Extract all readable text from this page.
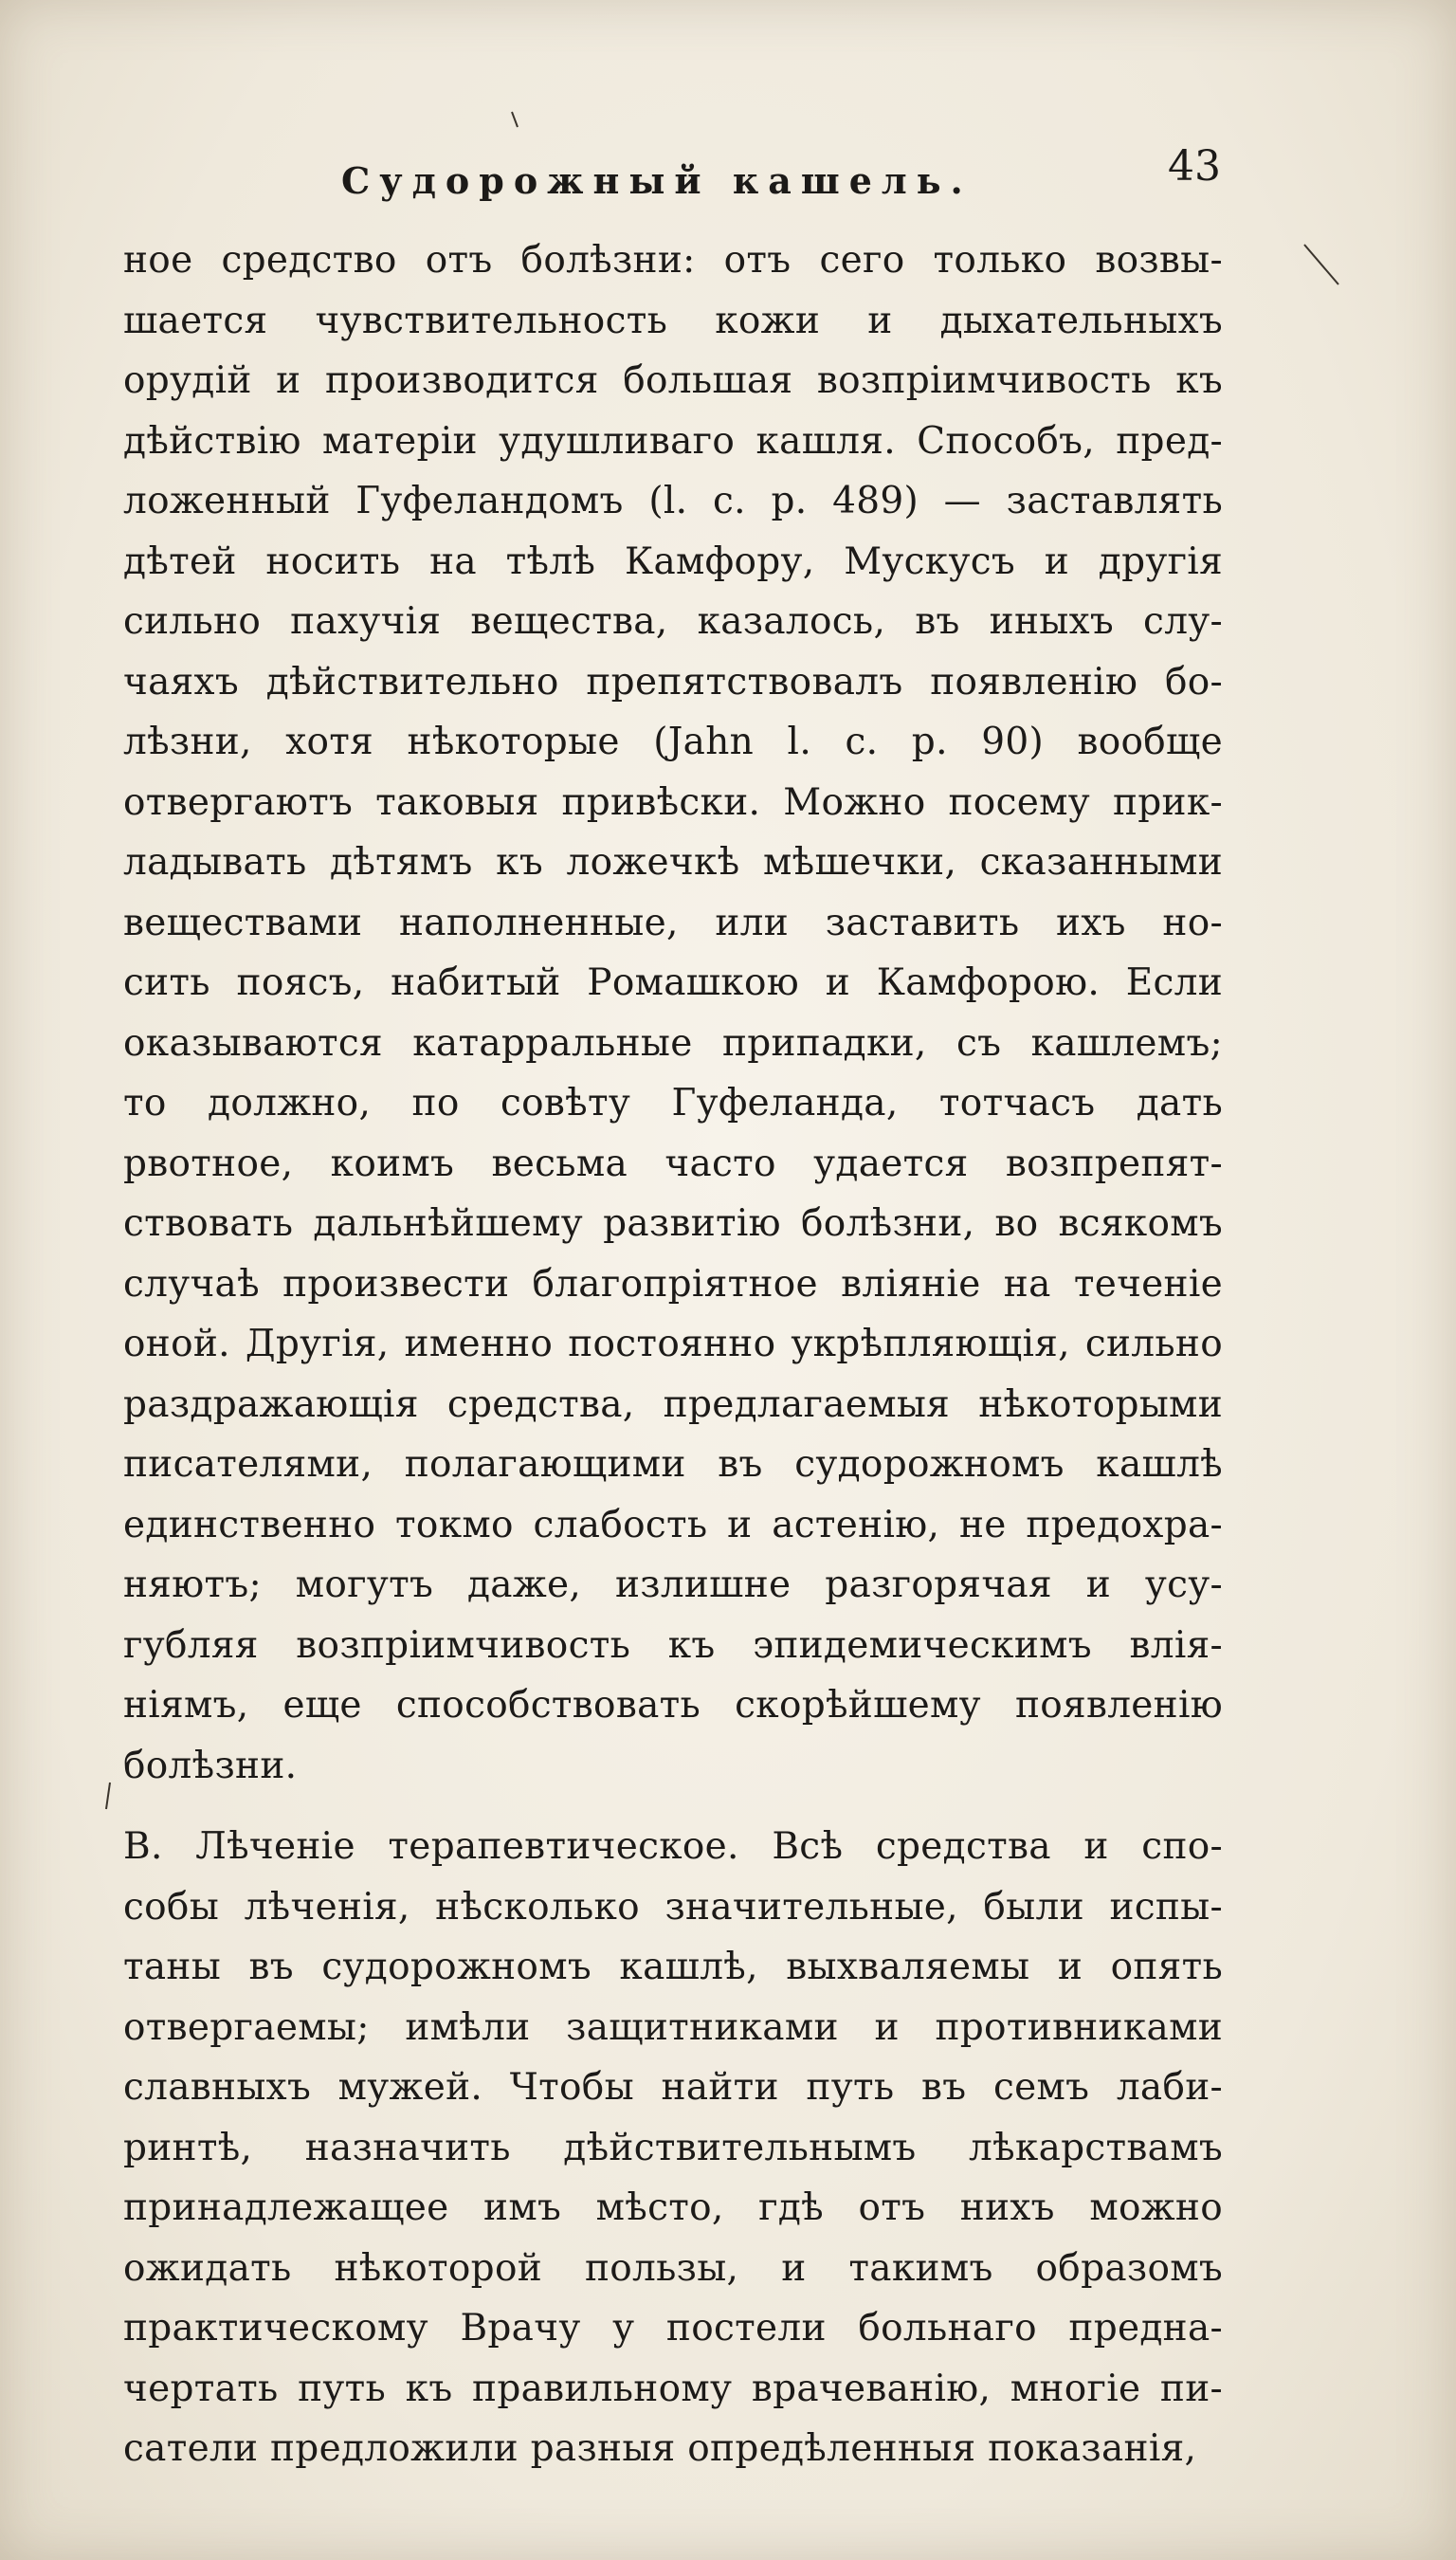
Судорожный кашель.	43
ное средство отъ болѣзни: отъ сего только возвы-
шается чувствительность кожи и дыхательныхъ
орудій и производится большая возпріимчивость къ
дѣйствію матеріи удушливаго кашля. Способъ, пред-
ложенный Гуфеландомъ (l. c. p. 489) — заставлять
дѣтей носить на тѣлѣ Камфору, Мускусъ и другія
сильно пахучія вещества, казалось, въ иныхъ слу-
чаяхъ дѣйствительно препятствовалъ появленію бо-
лѣзни, хотя нѣкоторые (Jahn l. c. p. 90) вообще
отвергаютъ таковыя привѣски. Можно посему прик-
ладывать дѣтямъ къ ложечкѣ мѣшечки, сказанными
веществами наполненные, или заставить ихъ но-
сить поясъ, набитый Ромашкою и Камфорою. Если
оказываются катарральные припадки, съ кашлемъ;
то должно, по совѣту Гуфеланда, тотчасъ дать
рвотное, коимъ весьма часто удается возпрепят-
ствовать дальнѣйшему развитію болѣзни, во всякомъ
случаѣ произвести благопріятное вліяніе на теченіе
оной. Другія, именно постоянно укрѣпляющія, сильно
раздражающія средства, предлагаемыя нѣкоторыми
писателями, полагающими въ судорожномъ кашлѣ
единственно токмо слабость и астенію, не предохра-
няютъ; могутъ даже, излишне разгорячая и усу-
губляя возпріимчивость къ эпидемическимъ влія-
ніямъ, еще способствовать скорѣйшему появленію
болѣзни.
B. Лѣченіе терапевтическое. Всѣ средства и спо-
собы лѣченія, нѣсколько значительные, были испы-
таны въ судорожномъ кашлѣ, выхваляемы и опять
отвергаемы; имѣли защитниками и противниками
славныхъ мужей. Чтобы найти путь въ семъ лаби-
ринтѣ, назначить дѣйствительнымъ лѣкарствамъ
принадлежащее имъ мѣсто, гдѣ отъ нихъ можно
ожидать нѣкоторой пользы, и такимъ образомъ
практическому Врачу у постели больнаго предна-
чертать путь къ правильному врачеванію, многіе пи-
сатели предложили разныя опредѣленныя показанія,
